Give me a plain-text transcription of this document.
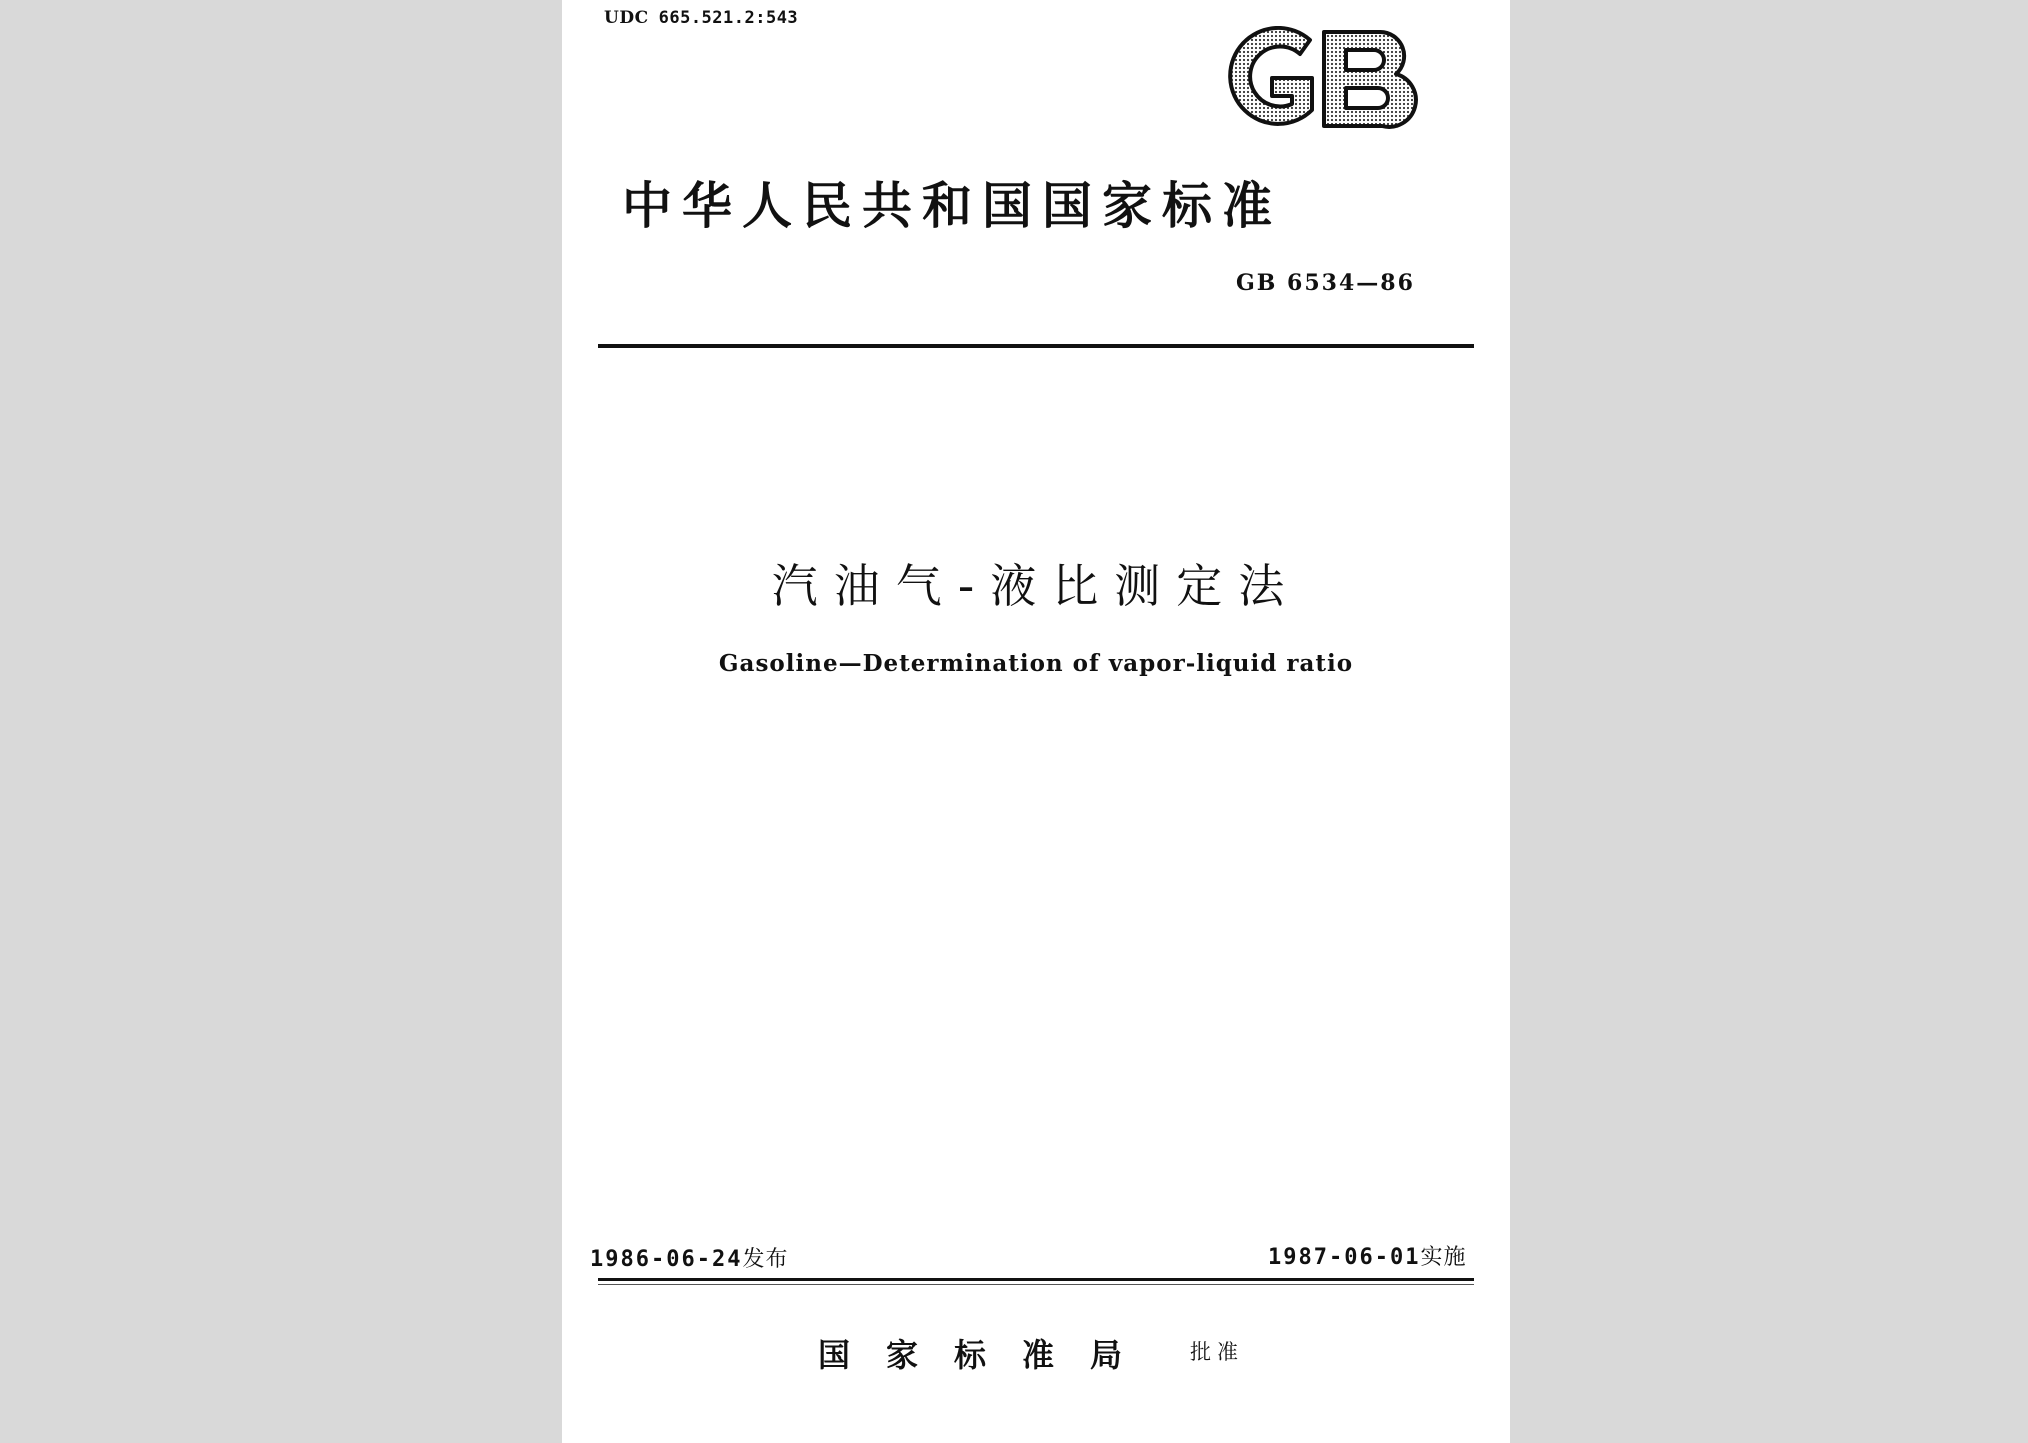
UDC 665.521.2:543
中华人民共和国国家标准
GB 6534—86
汽油气-液比测定法
Gasoline—Determination of vapor-liquid ratio
1986-06-24发布	1987-06-01实施
国家标准局 批准
